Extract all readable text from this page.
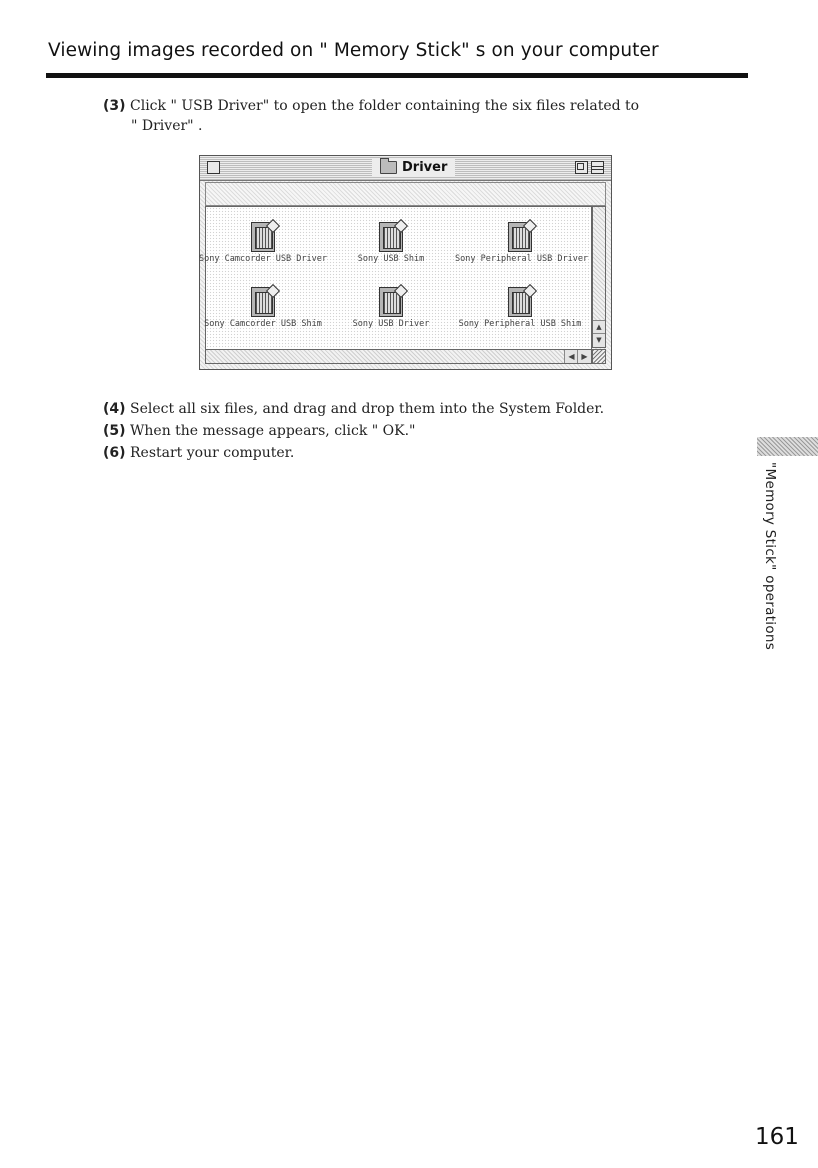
Viewing images recorded on " Memory Stick" s on your computer
(3) Click " USB Driver" to open the folder containing the six files related to
" Driver" .
Driver
Sony Camcorder USB Driver	Sony USB Shim	Sony Peripheral USB Driver
Sony Camcorder USB Shim	Sony USB Driver	Sony Peripheral USB Shim	▲
▼
◀ ▶
(4) Select all six files, and drag and drop them into the System Folder.
(5) When the message appears, click " OK."
(6) Restart your computer.
"Memory Stick" operations
161
